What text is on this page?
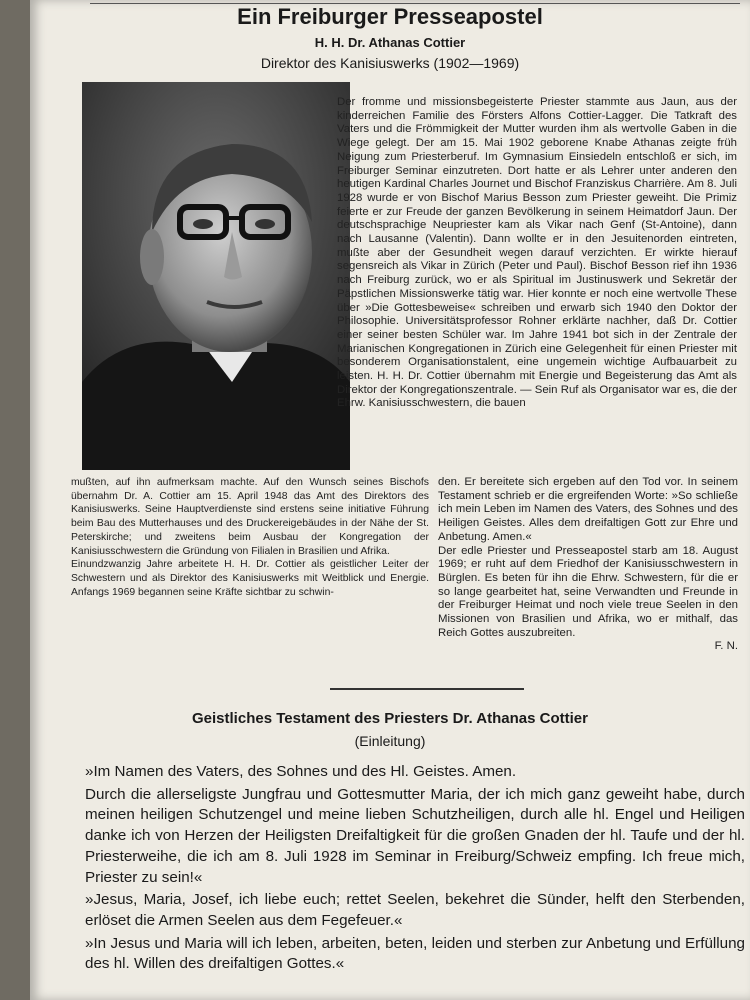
Ein Freiburger Presseapostel
H. H. Dr. Athanas Cottier
Direktor des Kanisiuswerks (1902—1969)

Der fromme und missionsbegeisterte Priester stammte aus Jaun, aus der kinderreichen Familie des Försters Alfons Cottier-Lagger. Die Tatkraft des Vaters und die Frömmigkeit der Mutter wurden ihm als wertvolle Gaben in die Wiege gelegt. Der am 15. Mai 1902 geborene Knabe Athanas zeigte früh Neigung zum Priesterberuf. Im Gymnasium Einsiedeln entschloß er sich, im Freiburger Seminar einzutreten. Dort hatte er als Lehrer unter anderen den heutigen Kardinal Charles Journet und Bischof Franziskus Charrière. Am 8. Juli 1928 wurde er von Bischof Marius Besson zum Priester geweiht. Die Primiz feierte er zur Freude der ganzen Bevölkerung in seinem Heimatdorf Jaun. Der deutschsprachige Neupriester kam als Vikar nach Genf (St-Antoine), dann nach Lausanne (Valentin). Dann wollte er in den Jesuitenorden eintreten, mußte aber der Gesundheit wegen darauf verzichten. Er wirkte hierauf segensreich als Vikar in Zürich (Peter und Paul). Bischof Besson rief ihn 1936 nach Freiburg zurück, wo er als Spiritual im Justinuswerk und Sekretär der Päpstlichen Missionswerke tätig war. Hier konnte er noch eine wertvolle These über »Die Gottesbeweise« schreiben und erwarb sich 1940 den Doktor der Philosophie. Universitätsprofessor Rohner erklärte nachher, daß Dr. Cottier einer seiner besten Schüler war. Im Jahre 1941 bot sich in der Zentrale der Marianischen Kongregationen in Zürich eine Gelegenheit für einen Priester mit besonderem Organisationstalent, eine ungemein wichtige Aufbauarbeit zu leisten. H. H. Dr. Cottier übernahm mit Energie und Begeisterung das Amt als Direktor der Kongregationszentrale. — Sein Ruf als Organisator war es, die der Ehrw. Kanisiusschwestern, die bauen

mußten, auf ihn aufmerksam machte. Auf den Wunsch seines Bischofs übernahm Dr. A. Cottier am 15. April 1948 das Amt des Direktors des Kanisiuswerks. Seine Hauptverdienste sind erstens seine initiative Führung beim Bau des Mutterhauses und des Druckereigebäudes in der Nähe der St. Peterskirche; und zweitens beim Ausbau der Kongregation der Kanisiusschwestern die Gründung von Filialen in Brasilien und Afrika.

Einundzwanzig Jahre arbeitete H. H. Dr. Cottier als geistlicher Leiter der Schwestern und als Direktor des Kanisiuswerks mit Weitblick und Energie. Anfangs 1969 begannen seine Kräfte sichtbar zu schwin-

den. Er bereitete sich ergeben auf den Tod vor. In seinem Testament schrieb er die ergreifenden Worte: »So schließe ich mein Leben im Namen des Vaters, des Sohnes und des Heiligen Geistes. Alles dem dreifaltigen Gott zur Ehre und Anbetung. Amen.«

Der edle Priester und Presseapostel starb am 18. August 1969; er ruht auf dem Friedhof der Kanisiusschwestern in Bürglen. Es beten für ihn die Ehrw. Schwestern, für die er so lange gearbeitet hat, seine Verwandten und Freunde in der Freiburger Heimat und noch viele treue Seelen in den Missionen von Brasilien und Afrika, wo er mithalf, das Reich Gottes auszubreiten.

F. N.

Geistliches Testament des Priesters Dr. Athanas Cottier
(Einleitung)

»Im Namen des Vaters, des Sohnes und des Hl. Geistes. Amen.

Durch die allerseligste Jungfrau und Gottesmutter Maria, der ich mich ganz geweiht habe, durch meinen heiligen Schutzengel und meine lieben Schutzheiligen, durch alle hl. Engel und Heiligen danke ich von Herzen der Heiligsten Dreifaltigkeit für die großen Gnaden der hl. Taufe und der hl. Priesterweihe, die ich am 8. Juli 1928 im Seminar in Freiburg/Schweiz empfing. Ich freue mich, Priester zu sein!«

»Jesus, Maria, Josef, ich liebe euch; rettet Seelen, bekehret die Sünder, helft den Sterbenden, erlöset die Armen Seelen aus dem Fegefeuer.«

»In Jesus und Maria will ich leben, arbeiten, beten, leiden und sterben zur Anbetung und Erfüllung des hl. Willen des dreifaltigen Gottes.«
